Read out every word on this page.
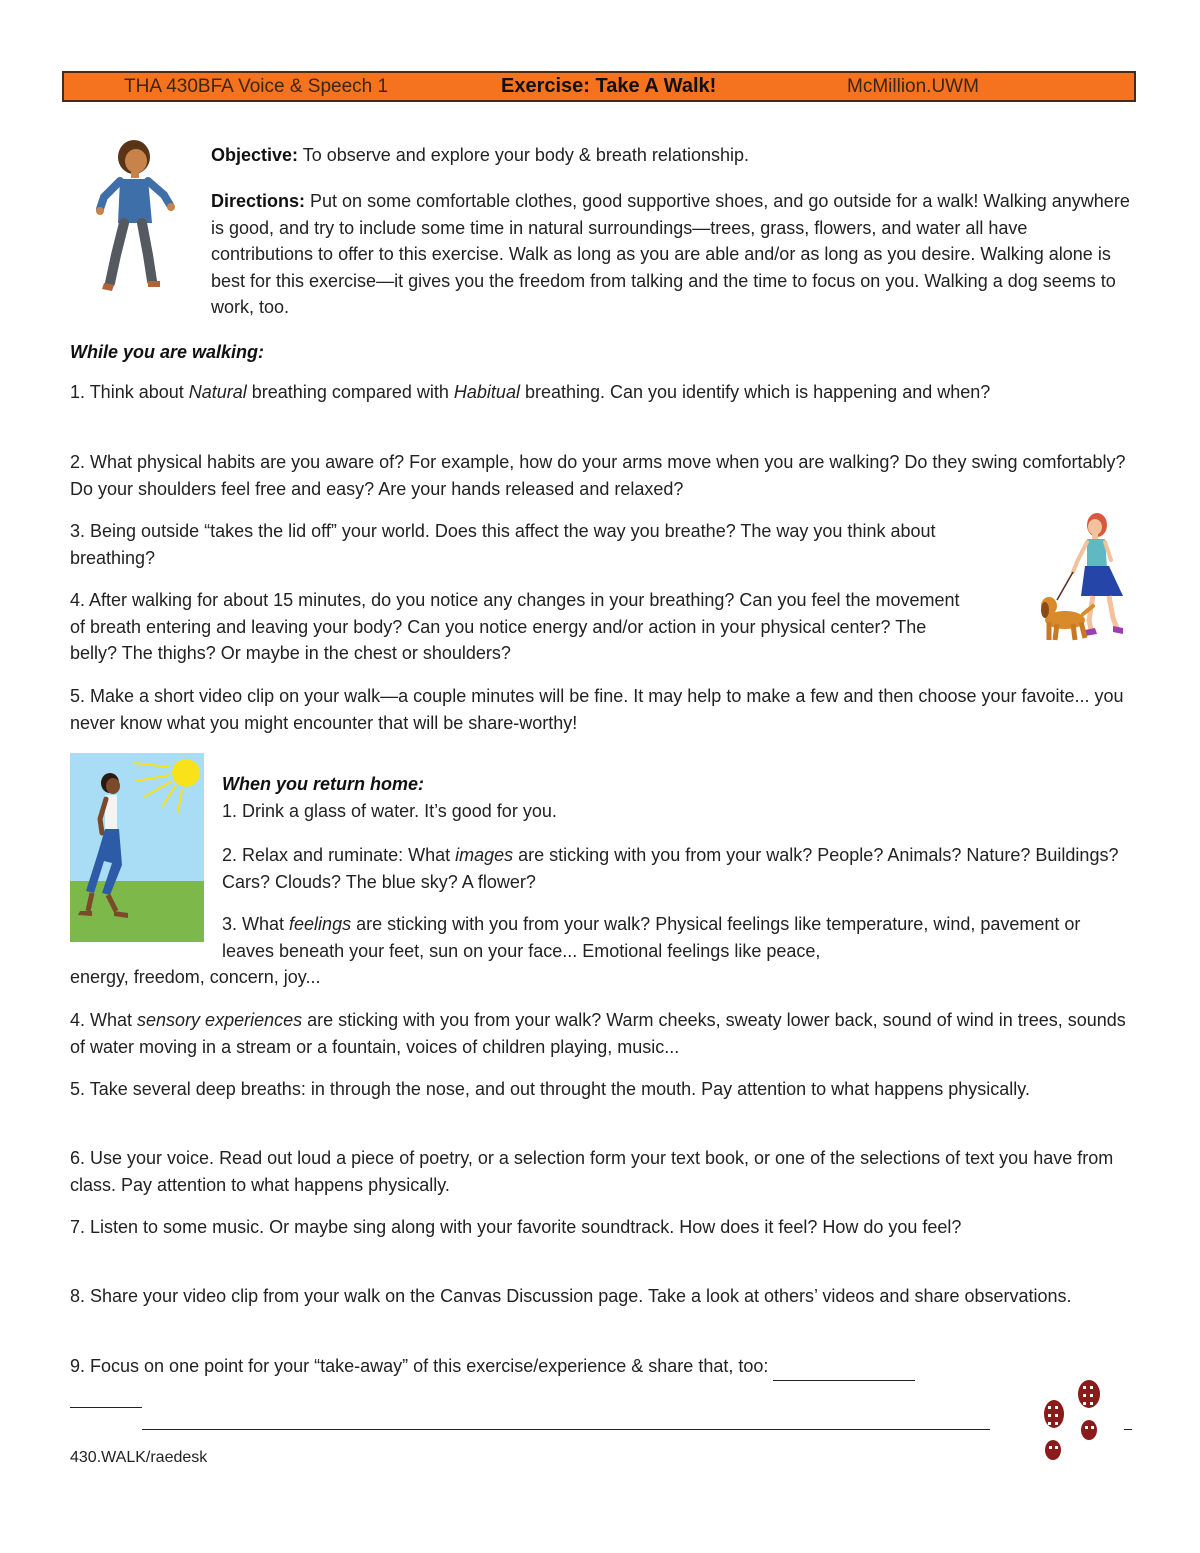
THA 430BFA Voice & Speech 1	Exercise: Take A Walk!	McMillion.UWM

Objective: To observe and explore your body & breath relationship.

Directions: Put on some comfortable clothes, good supportive shoes, and go outside for a walk! Walking anywhere is good, and try to include some time in natural surroundings—trees, grass, flowers, and water all have contributions to offer to this exercise. Walk as long as you are able and/or as long as you desire. Walking alone is best for this exercise—it gives you the freedom from talking and the time to focus on you. Walking a dog seems to work, too.

While you are walking:

1. Think about Natural breathing compared with Habitual breathing. Can you identify which is happening and when?

2. What physical habits are you aware of? For example, how do your arms move when you are walking? Do they swing comfortably? Do your shoulders feel free and easy? Are your hands released and relaxed?

3. Being outside “takes the lid off” your world. Does this affect the way you breathe? The way you think about breathing?

4. After walking for about 15 minutes, do you notice any changes in your breathing? Can you feel the movement of breath entering and leaving your body? Can you notice energy and/or action in your physical center? The belly? The thighs? Or maybe in the chest or shoulders?

5. Make a short video clip on your walk—a couple minutes will be fine. It may help to make a few and then choose your favoite... you never know what you might encounter that will be share-worthy!

When you return home:

1. Drink a glass of water. It’s good for you.

2. Relax and ruminate: What images are sticking with you from your walk? People? Animals? Nature? Buildings? Cars? Clouds? The blue sky? A flower?

3. What feelings are sticking with you from your walk? Physical feelings like temperature, wind, pavement or leaves beneath your feet, sun on your face... Emotional feelings like peace,

energy, freedom, concern, joy...

4. What sensory experiences are sticking with you from your walk? Warm cheeks, sweaty lower back, sound of wind in trees, sounds of water moving in a stream or a fountain, voices of children playing, music...

5. Take several deep breaths: in through the nose, and out throught the mouth. Pay attention to what happens physically.

6. Use your voice. Read out loud a piece of poetry, or a selection form your text book, or one of the selections of text you have from class. Pay attention to what happens physically.

7. Listen to some music. Or maybe sing along with your favorite soundtrack. How does it feel? How do you feel?

8. Share your video clip from your walk on the Canvas Discussion page. Take a look at others’ videos and share observations.

9. Focus on one point for your “take-away” of this exercise/experience & share that, too:

430.WALK/raedesk
